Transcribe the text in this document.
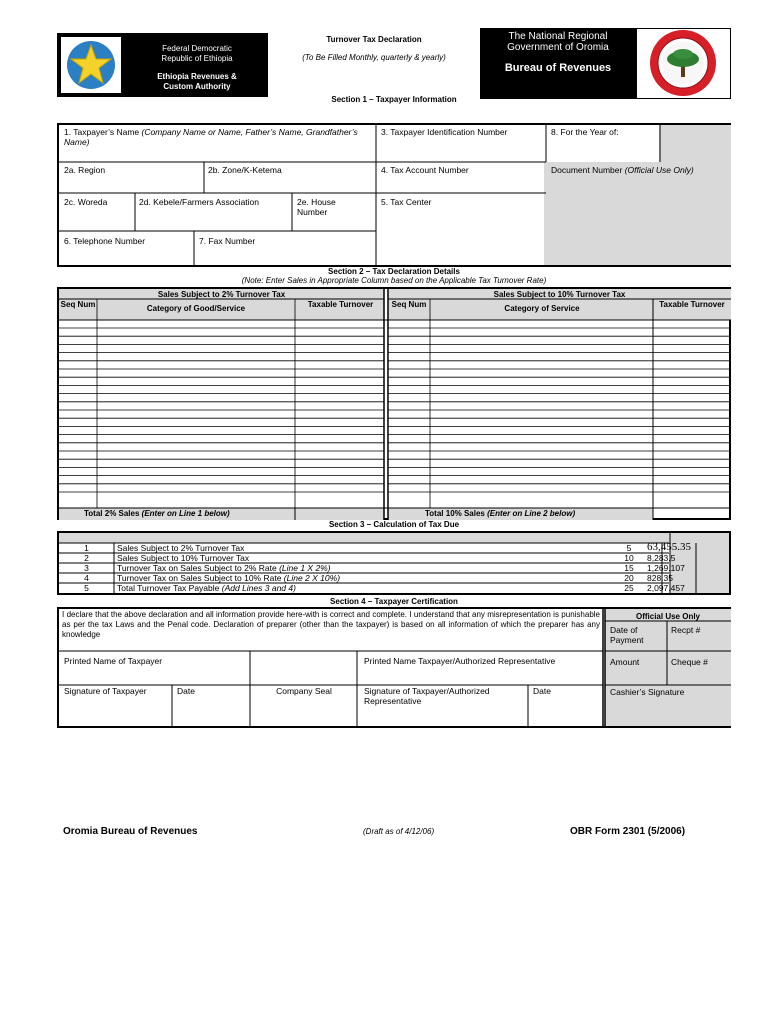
Federal Democratic
Republic of Ethiopia
Ethiopia Revenues &
Custom Authority
Turnover Tax Declaration
(To Be Filled Monthly, quarterly & yearly)
The National Regional
Government of Oromia
Bureau of Revenues
Section 1 – Taxpayer Information
1. Taxpayer’s Name (Company Name or Name, Father’s Name, Grandfather’s Name)
3. Taxpayer Identification Number	8. For the Year of:
2a. Region	2b. Zone/K-Ketema	4. Tax Account Number	Document Number (Official Use Only)
2c. Woreda	2d. Kebele/Farmers Association	2e. House Number
5. Tax Center
6. Telephone Number	7. Fax Number
Section 2 – Tax Declaration Details
(Note: Enter Sales in Appropriate Column based on the Applicable Tax Turnover Rate)
Sales Subject to 2% Turnover Tax	Sales Subject to 10% Turnover Tax
Seq Num	Category of Good/Service	Taxable Turnover	Seq Num	Category of Service	Taxable Turnover
Total 2% Sales (Enter on Line 1 below)	Total 10% Sales (Enter on Line 2 below)
Section 3 – Calculation of Tax Due
1	Sales Subject to 2% Turnover Tax	5	63,455.35
2	Sales Subject to 10% Turnover Tax	10	8,283.5
3	Turnover Tax on Sales Subject to 2% Rate (Line 1 X 2%)	15	1,269.107
4	Turnover Tax on Sales Subject to 10% Rate (Line 2 X 10%)	20	828.35
5	Total Turnover Tax Payable (Add Lines 3 and 4)	25	2,097.457
Section 4 – Taxpayer Certification
I declare that the above declaration and all information provide here-with is correct and complete. I understand that any misrepresentation is punishable as per the tax Laws and the Penal code. Declaration of preparer (other than the taxpayer) is based on all information of which the preparer has any knowledge
Printed Name of Taxpayer
Company Seal
Printed Name Taxpayer/Authorized Representative
Signature of Taxpayer	Date	Signature of Taxpayer/Authorized Representative
Date
Official Use Only
Date of Payment
Recpt #
Amount	Cheque #
Cashier’s Signature
Oromia Bureau of Revenues	(Draft as of 4/12/06)	OBR Form 2301 (5/2006)
